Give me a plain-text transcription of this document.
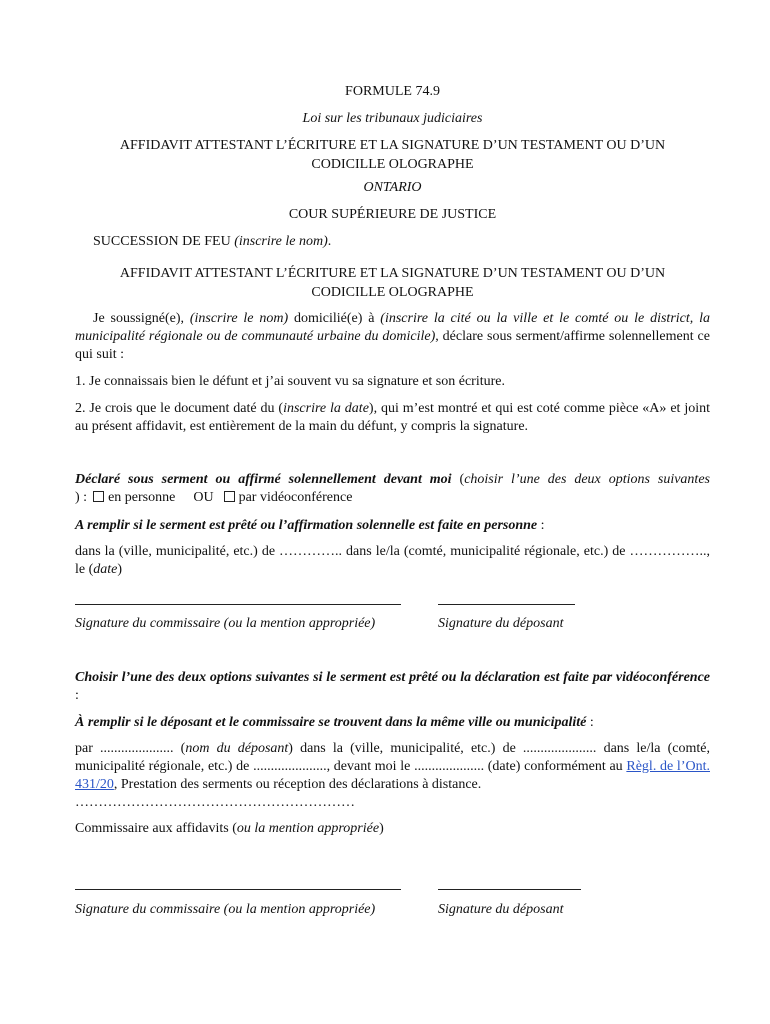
FORMULE 74.9
Loi sur les tribunaux judiciaires
AFFIDAVIT ATTESTANT L’ÉCRITURE ET LA SIGNATURE D’UN TESTAMENT OU D’UN
CODICILLE OLOGRAPHE
ONTARIO
COUR SUPÉRIEURE DE JUSTICE
SUCCESSION DE FEU (inscrire le nom).
AFFIDAVIT ATTESTANT L’ÉCRITURE ET LA SIGNATURE D’UN TESTAMENT OU D’UN
CODICILLE OLOGRAPHE
Je soussigné(e), (inscrire le nom) domicilié(e) à (inscrire la cité ou la ville et le comté ou le district, la municipalité régionale ou de communauté urbaine du domicile), déclare sous serment/affirme solennellement ce qui suit :
1. Je connaissais bien le défunt et j’ai souvent vu sa signature et son écriture.
2. Je crois que le document daté du (inscrire la date), qui m’est montré et qui est coté comme pièce «A» et joint au présent affidavit, est entièrement de la main du défunt, y compris la signature.
Déclaré sous serment ou affirmé solennellement devant moi (choisir l’une des deux options suivantes
) : en personne OU par vidéoconférence
A remplir si le serment est prêté ou l’affirmation solennelle est faite en personne :
dans la (ville, municipalité, etc.) de ………….. dans le/la (comté, municipalité régionale, etc.) de …………….., le (date)
Signature du commissaire (ou la mention appropriée)	Signature du déposant
Choisir l’une des deux options suivantes si le serment est prêté ou la déclaration est faite par vidéoconférence :
À remplir si le déposant et le commissaire se trouvent dans la même ville ou municipalité :
par ..................... (nom du déposant) dans la (ville, municipalité, etc.) de ..................... dans le/la (comté, municipalité régionale, etc.) de ....................., devant moi le .................... (date) conformément au Règl. de l’Ont. 431/20, Prestation des serments ou réception des déclarations à distance.
……………………………………………………
Commissaire aux affidavits (ou la mention appropriée)
Signature du commissaire (ou la mention appropriée)	Signature du déposant
